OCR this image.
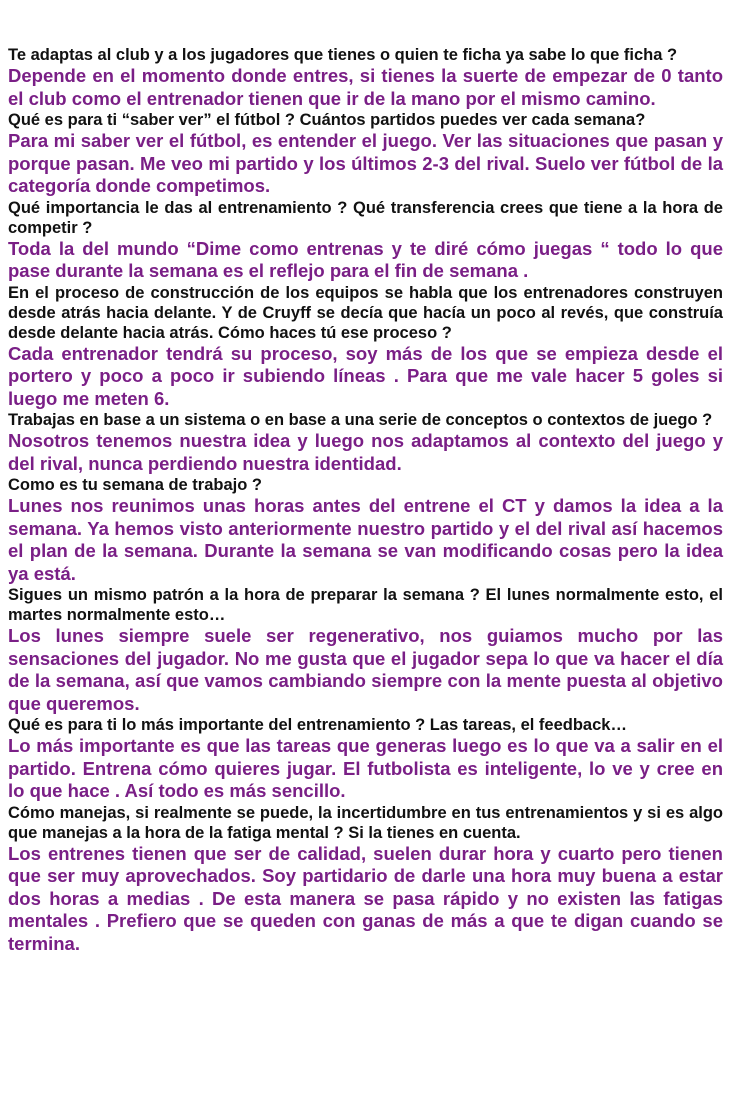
Te adaptas al club y a los jugadores que tienes o quien te ficha ya sabe lo que ficha ?

Depende en el momento donde entres, si tienes la suerte de empezar de 0 tanto el club como el entrenador tienen que ir de la mano por el mismo camino.

Qué es para ti “saber ver” el fútbol ? Cuántos partidos puedes ver cada semana?

Para mi saber ver el fútbol, es entender el juego. Ver las situaciones que pasan y porque pasan. Me veo mi partido y los últimos 2-3 del rival. Suelo ver fútbol de la categoría donde competimos.

Qué importancia le das al entrenamiento ? Qué transferencia crees que tiene a la hora de competir ?

Toda la del mundo “Dime como entrenas y te diré cómo juegas “ todo lo que pase durante la semana es el reflejo para el fin de semana .

En el proceso de construcción de los equipos se habla que los entrenadores construyen desde atrás hacia delante. Y de Cruyff se decía que hacía un poco al revés, que construía desde delante hacia atrás. Cómo haces tú ese proceso ?

Cada entrenador tendrá su proceso, soy más de los que se empieza desde el portero y poco a poco ir subiendo líneas . Para que me vale hacer 5 goles si luego me meten 6.

Trabajas en base a un sistema o en base a una serie de conceptos o contextos de juego ?

Nosotros tenemos nuestra idea y luego nos adaptamos al contexto del juego y del rival, nunca perdiendo nuestra identidad.

Como es tu semana de trabajo ?

Lunes nos reunimos unas horas antes del entrene el CT y damos la idea a la semana. Ya hemos visto anteriormente nuestro partido y el del rival así hacemos el plan de la semana. Durante la semana se van modificando cosas pero la idea ya está.

Sigues un mismo patrón a la hora de preparar la semana ? El lunes normalmente esto, el martes normalmente esto…

Los lunes siempre suele ser regenerativo, nos guiamos mucho por las sensaciones del jugador. No me gusta que el jugador sepa lo que va hacer el día de la semana, así que vamos cambiando siempre con la mente puesta al objetivo que queremos.

Qué es para ti lo más importante del entrenamiento ? Las tareas, el feedback…

Lo más importante es que las tareas que generas luego es lo que va a salir en el partido. Entrena cómo quieres jugar. El futbolista es inteligente, lo ve y cree en lo que hace . Así todo es más sencillo.

Cómo manejas, si realmente se puede, la incertidumbre en tus entrenamientos y si es algo que manejas a la hora de la fatiga mental ? Si la tienes en cuenta.

Los entrenes tienen que ser de calidad, suelen durar hora y cuarto pero tienen que ser muy aprovechados. Soy partidario de darle una hora muy buena a estar dos horas a medias . De esta manera se pasa rápido y no existen las fatigas mentales . Prefiero que se queden con ganas de más a que te digan cuando se termina.
